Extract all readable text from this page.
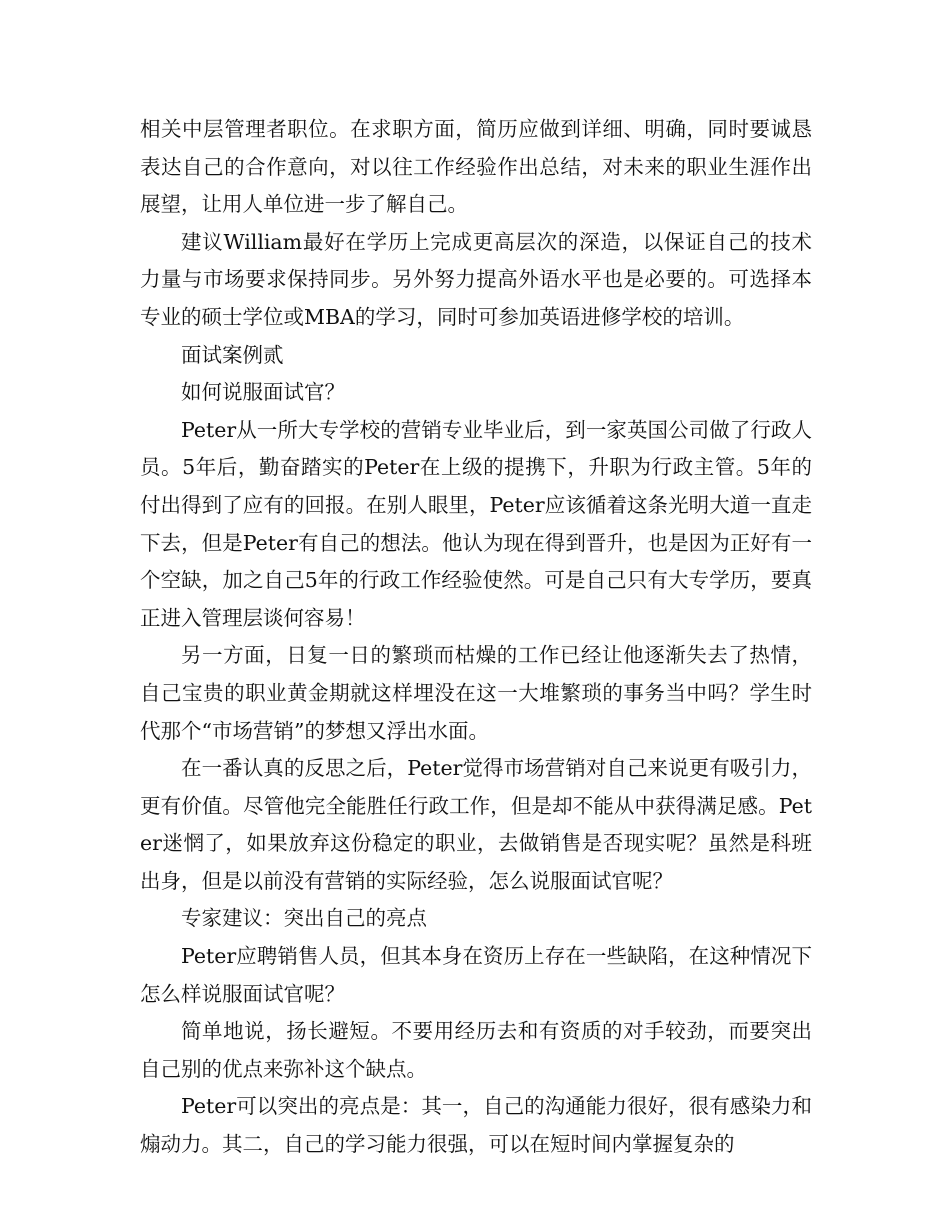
相关中层管理者职位。在求职方面，简历应做到详细、明确，同时要诚恳表达自己的合作意向，对以往工作经验作出总结，对未来的职业生涯作出展望，让用人单位进一步了解自己。

建议William最好在学历上完成更高层次的深造，以保证自己的技术力量与市场要求保持同步。另外努力提高外语水平也是必要的。可选择本专业的硕士学位或MBA的学习，同时可参加英语进修学校的培训。

面试案例贰

如何说服面试官？

Peter从一所大专学校的营销专业毕业后，到一家英国公司做了行政人员。5年后，勤奋踏实的Peter在上级的提携下，升职为行政主管。5年的付出得到了应有的回报。在别人眼里，Peter应该循着这条光明大道一直走下去，但是Peter有自己的想法。他认为现在得到晋升，也是因为正好有一个空缺，加之自己5年的行政工作经验使然。可是自己只有大专学历，要真正进入管理层谈何容易！

另一方面，日复一日的繁琐而枯燥的工作已经让他逐渐失去了热情，自己宝贵的职业黄金期就这样埋没在这一大堆繁琐的事务当中吗？学生时代那个“市场营销”的梦想又浮出水面。

在一番认真的反思之后，Peter觉得市场营销对自己来说更有吸引力，更有价值。尽管他完全能胜任行政工作，但是却不能从中获得满足感。Peter迷惘了，如果放弃这份稳定的职业，去做销售是否现实呢？虽然是科班出身，但是以前没有营销的实际经验，怎么说服面试官呢？

专家建议：突出自己的亮点

Peter应聘销售人员，但其本身在资历上存在一些缺陷，在这种情况下怎么样说服面试官呢？

简单地说，扬长避短。不要用经历去和有资质的对手较劲，而要突出自己别的优点来弥补这个缺点。

Peter可以突出的亮点是：其一，自己的沟通能力很好，很有感染力和煽动力。其二，自己的学习能力很强，可以在短时间内掌握复杂的
